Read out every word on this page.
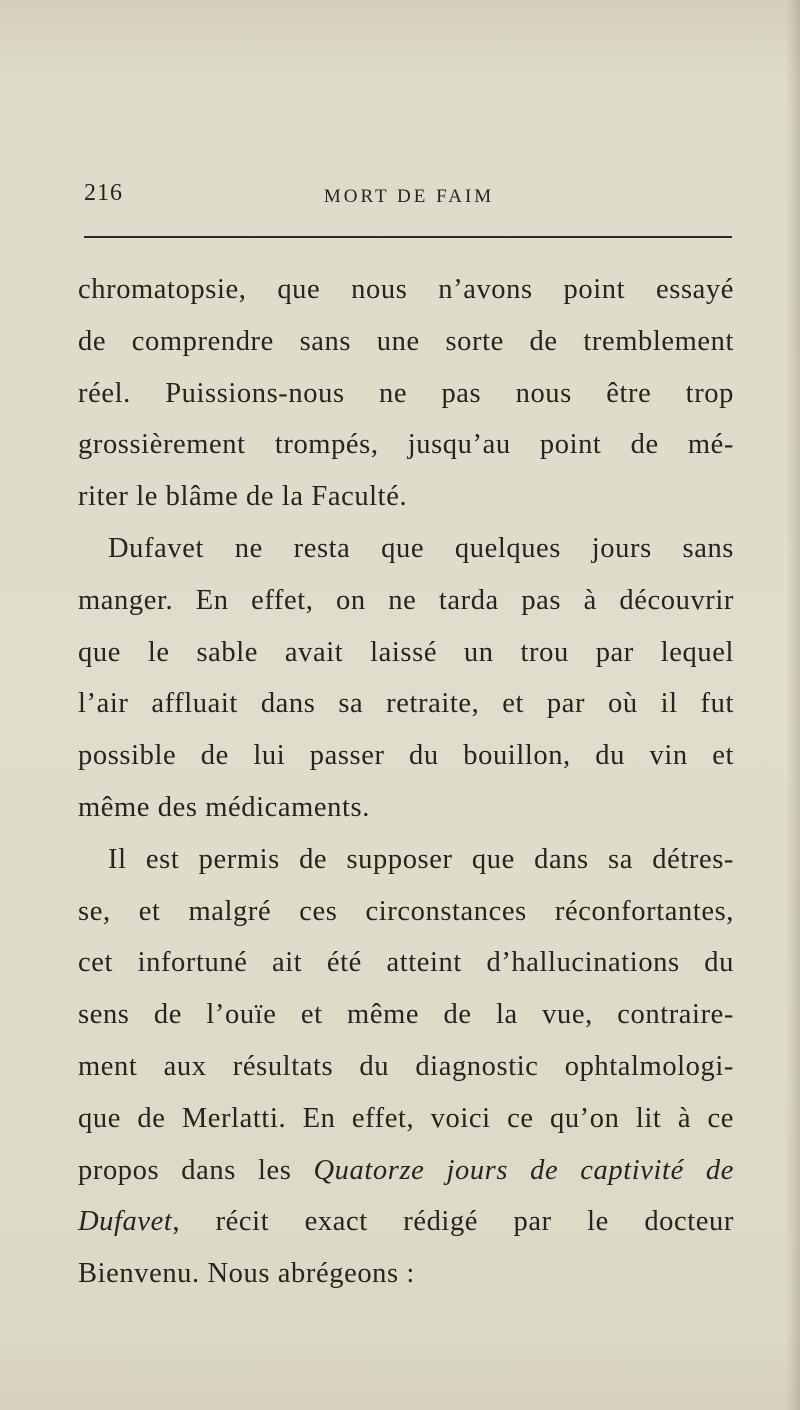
216	MORT DE FAIM

chromatopsie, que nous n’avons point essayé
de comprendre sans une sorte de tremblement
réel. Puissions-nous ne pas nous être trop
grossièrement trompés, jusqu’au point de mé-
riter le blâme de la Faculté.

Dufavet ne resta que quelques jours sans
manger. En effet, on ne tarda pas à découvrir
que le sable avait laissé un trou par lequel
l’air affluait dans sa retraite, et par où il fut
possible de lui passer du bouillon, du vin et
même des médicaments.

Il est permis de supposer que dans sa détres-
se, et malgré ces circonstances réconfortantes,
cet infortuné ait été atteint d’hallucinations du
sens de l’ouïe et même de la vue, contraire-
ment aux résultats du diagnostic ophtalmologi-
que de Merlatti. En effet, voici ce qu’on lit à ce
propos dans les Quatorze jours de captivité de
Dufavet, récit exact rédigé par le docteur
Bienvenu. Nous abrégeons :
